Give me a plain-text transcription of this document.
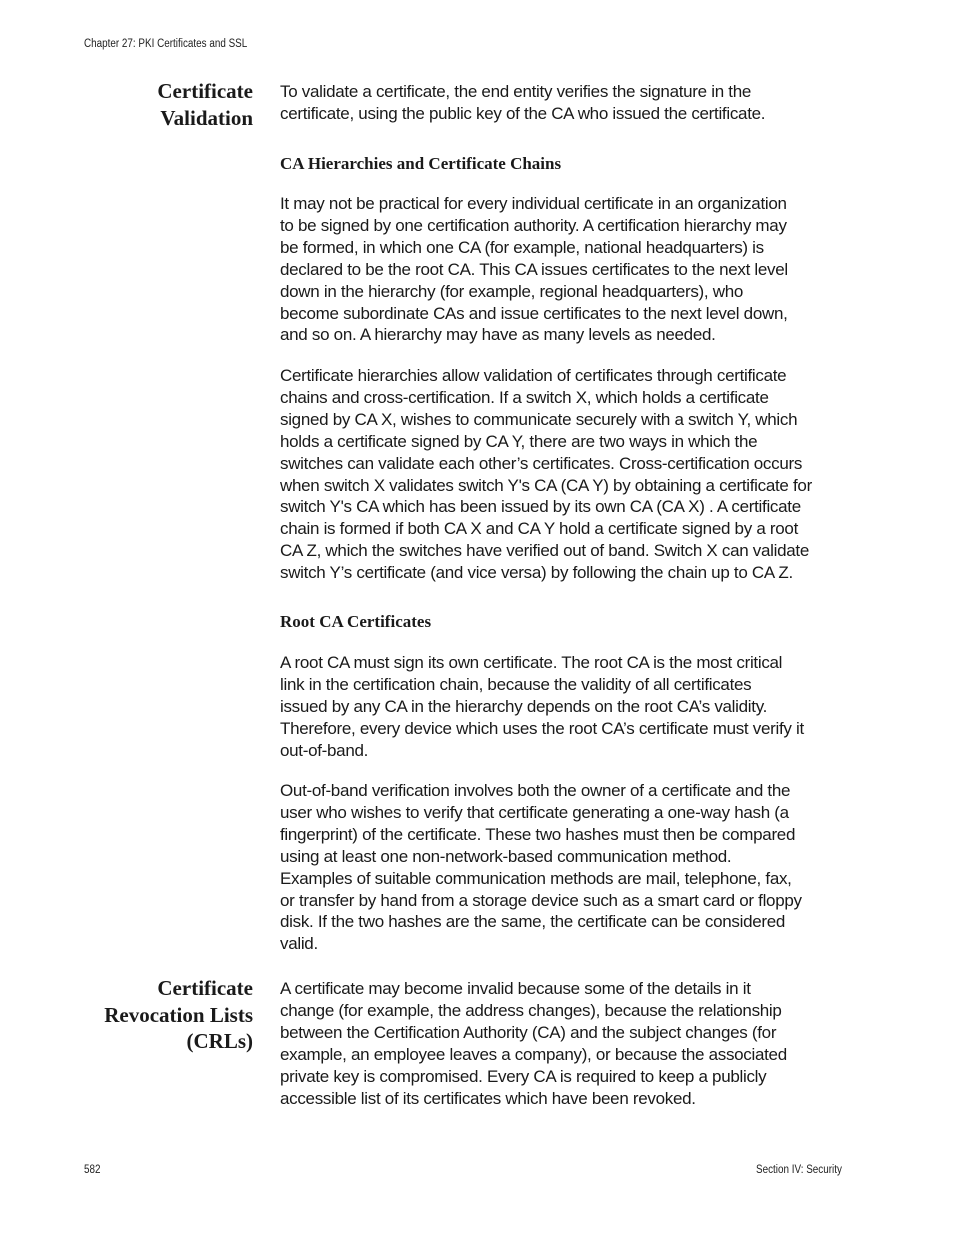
Chapter 27: PKI Certificates and SSL
Certificate
Validation
To validate a certificate, the end entity verifies the signature in the
certificate, using the public key of the CA who issued the certificate.
CA Hierarchies and Certificate Chains
It may not be practical for every individual certificate in an organization
to be signed by one certification authority. A certification hierarchy may
be formed, in which one CA (for example, national headquarters) is
declared to be the root CA. This CA issues certificates to the next level
down in the hierarchy (for example, regional headquarters), who
become subordinate CAs and issue certificates to the next level down,
and so on. A hierarchy may have as many levels as needed.
Certificate hierarchies allow validation of certificates through certificate
chains and cross-certification. If a switch X, which holds a certificate
signed by CA X, wishes to communicate securely with a switch Y, which
holds a certificate signed by CA Y, there are two ways in which the
switches can validate each other’s certificates. Cross-certification occurs
when switch X validates switch Y's CA (CA Y) by obtaining a certificate for
switch Y's CA which has been issued by its own CA (CA X) . A certificate
chain is formed if both CA X and CA Y hold a certificate signed by a root
CA Z, which the switches have verified out of band. Switch X can validate
switch Y’s certificate (and vice versa) by following the chain up to CA Z.
Root CA Certificates
A root CA must sign its own certificate. The root CA is the most critical
link in the certification chain, because the validity of all certificates
issued by any CA in the hierarchy depends on the root CA’s validity.
Therefore, every device which uses the root CA’s certificate must verify it
out-of-band.
Out-of-band verification involves both the owner of a certificate and the
user who wishes to verify that certificate generating a one-way hash (a
fingerprint) of the certificate. These two hashes must then be compared
using at least one non-network-based communication method.
Examples of suitable communication methods are mail, telephone, fax,
or transfer by hand from a storage device such as a smart card or floppy
disk. If the two hashes are the same, the certificate can be considered
valid.
Certificate
Revocation Lists
(CRLs)
A certificate may become invalid because some of the details in it
change (for example, the address changes), because the relationship
between the Certification Authority (CA) and the subject changes (for
example, an employee leaves a company), or because the associated
private key is compromised. Every CA is required to keep a publicly
accessible list of its certificates which have been revoked.
582	Section IV: Security
